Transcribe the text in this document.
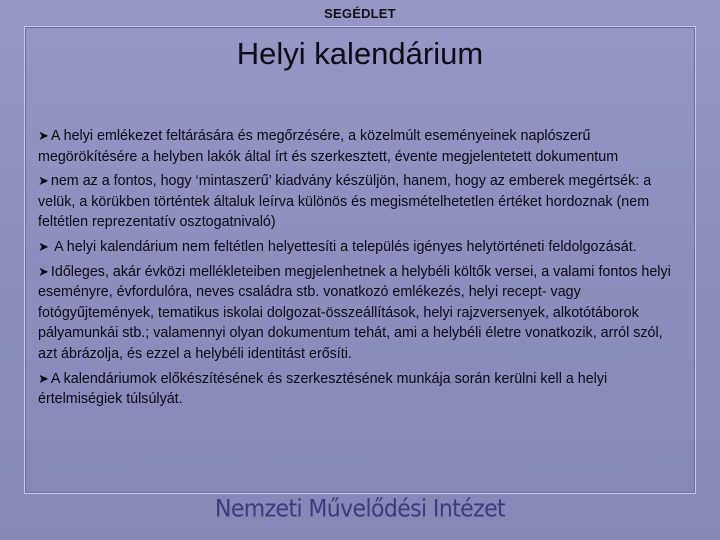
SEGÉDLET
Helyi kalendárium
➤ A helyi emlékezet feltárására és megőrzésére, a közelmúlt eseményeinek naplószerű megörökítésére a helyben lakók által írt és szerkesztett, évente megjelentetett dokumentum
➤ nem az a fontos, hogy ‘mintaszerű’ kiadvány készüljön, hanem, hogy az emberek megértsék: a velük, a körükben történtek általuk leírva különös és megismételhetetlen értéket hordoznak (nem feltétlen reprezentatív osztogatnivaló)
➤ A helyi kalendárium nem feltétlen helyettesíti a település igényes helytörténeti feldolgozását.
➤ Időleges, akár évközi mellékleteiben megjelenhetnek a helybéli költők versei, a valami fontos helyi eseményre, évfordulóra, neves családra stb. vonatkozó emlékezés, helyi recept- vagy fotógyűjtemények, tematikus iskolai dolgozat-összeállítások, helyi rajzversenyek, alkotótáborok pályamunkái stb.; valamennyi olyan dokumentum tehát, ami a helybéli életre vonatkozik, arról szól, azt ábrázolja, és ezzel a helybéli identitást erősíti.
➤ A kalendáriumok előkészítésének és szerkesztésének munkája során kerülni kell a helyi értelmiségiek túlsúlyát.
Nemzeti Művelődési Intézet
